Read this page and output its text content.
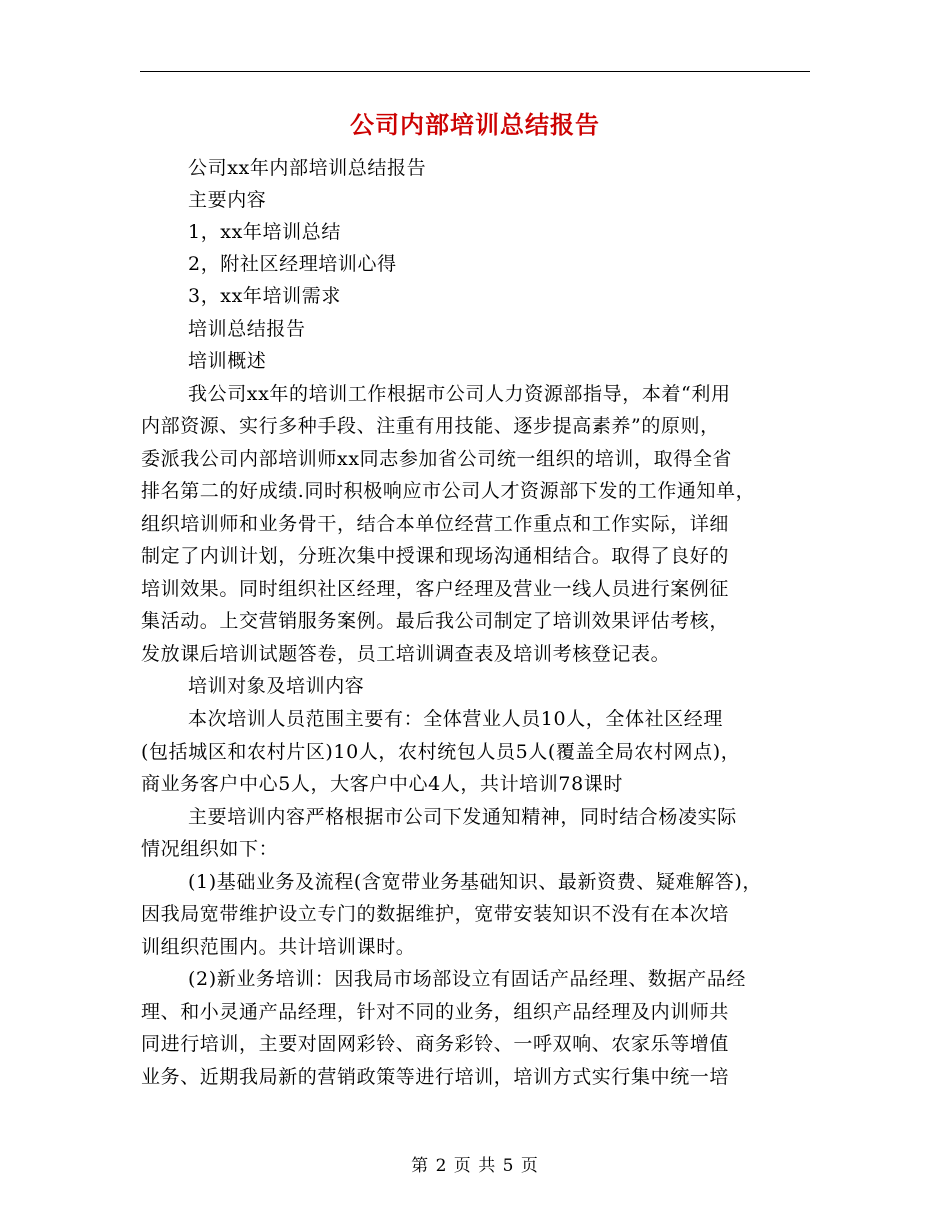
公司内部培训总结报告
公司xx年内部培训总结报告
主要内容
1，xx年培训总结
2，附社区经理培训心得
3，xx年培训需求
培训总结报告
培训概述
我公司xx年的培训工作根据市公司人力资源部指导，本着“利用
内部资源、实行多种手段、注重有用技能、逐步提高素养”的原则，
委派我公司内部培训师xx同志参加省公司统一组织的培训，取得全省
排名第二的好成绩.同时积极响应市公司人才资源部下发的工作通知单，
组织培训师和业务骨干，结合本单位经营工作重点和工作实际，详细
制定了内训计划，分班次集中授课和现场沟通相结合。取得了良好的
培训效果。同时组织社区经理，客户经理及营业一线人员进行案例征
集活动。上交营销服务案例。最后我公司制定了培训效果评估考核，
发放课后培训试题答卷，员工培训调查表及培训考核登记表。
培训对象及培训内容
本次培训人员范围主要有：全体营业人员10人，全体社区经理
(包括城区和农村片区)10人，农村统包人员5人(覆盖全局农村网点)，
商业务客户中心5人，大客户中心4人，共计培训78课时
主要培训内容严格根据市公司下发通知精神，同时结合杨凌实际
情况组织如下：
(1)基础业务及流程(含宽带业务基础知识、最新资费、疑难解答)，
因我局宽带维护设立专门的数据维护，宽带安装知识不没有在本次培
训组织范围内。共计培训课时。
(2)新业务培训：因我局市场部设立有固话产品经理、数据产品经
理、和小灵通产品经理，针对不同的业务，组织产品经理及内训师共
同进行培训，主要对固网彩铃、商务彩铃、一呼双响、农家乐等增值
业务、近期我局新的营销政策等进行培训，培训方式实行集中统一培
第 2 页 共 5 页
